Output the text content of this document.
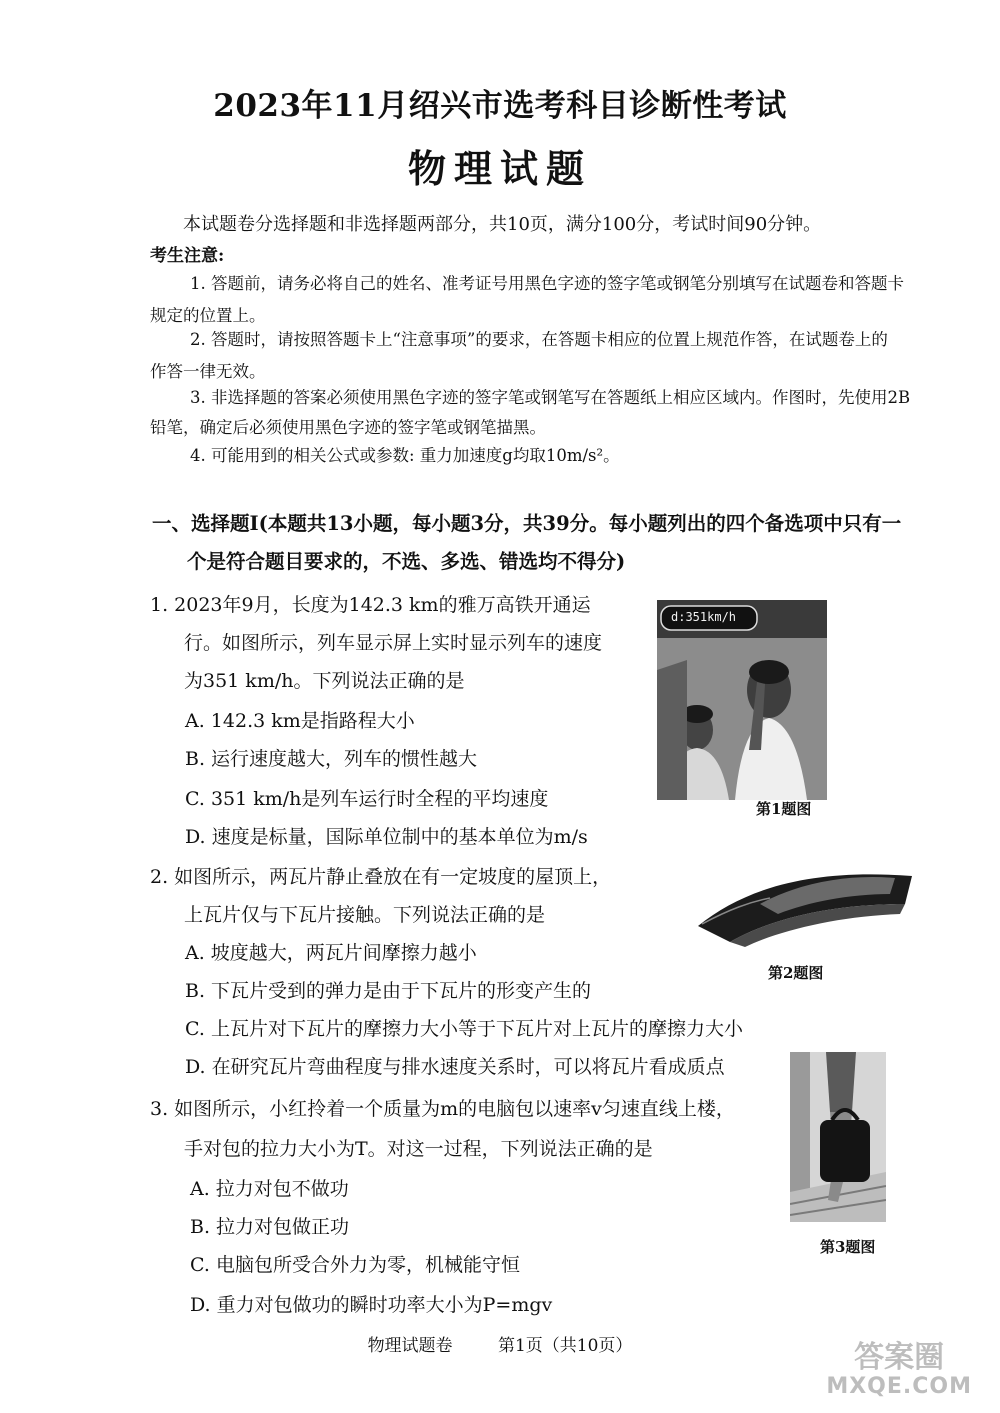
2023年11月绍兴市选考科目诊断性考试
物理试题
本试题卷分选择题和非选择题两部分，共10页，满分100分，考试时间90分钟。
考生注意:
1. 答题前，请务必将自己的姓名、准考证号用黑色字迹的签字笔或钢笔分别填写在试题卷和答题卡
规定的位置上。
2. 答题时，请按照答题卡上“注意事项”的要求，在答题卡相应的位置上规范作答，在试题卷上的
作答一律无效。
3. 非选择题的答案必须使用黑色字迹的签字笔或钢笔写在答题纸上相应区域内。作图时，先使用2B
铅笔，确定后必须使用黑色字迹的签字笔或钢笔描黑。
4. 可能用到的相关公式或参数: 重力加速度g均取10m/s²。
一、选择题Ⅰ(本题共13小题，每小题3分，共39分。每小题列出的四个备选项中只有一
个是符合题目要求的，不选、多选、错选均不得分)
1. 2023年9月，长度为142.3 km的雅万高铁开通运
行。如图所示，列车显示屏上实时显示列车的速度
为351 km/h。下列说法正确的是
A. 142.3 km是指路程大小
B. 运行速度越大，列车的惯性越大
C. 351 km/h是列车运行时全程的平均速度
D. 速度是标量，国际单位制中的基本单位为m/s
d:351km/h
第1题图
2. 如图所示，两瓦片静止叠放在有一定坡度的屋顶上，
上瓦片仅与下瓦片接触。下列说法正确的是
A. 坡度越大，两瓦片间摩擦力越小
B. 下瓦片受到的弹力是由于下瓦片的形变产生的
C. 上瓦片对下瓦片的摩擦力大小等于下瓦片对上瓦片的摩擦力大小
D. 在研究瓦片弯曲程度与排水速度关系时，可以将瓦片看成质点
第2题图
3. 如图所示，小红拎着一个质量为m的电脑包以速率v匀速直线上楼，
手对包的拉力大小为T。对这一过程，下列说法正确的是
A. 拉力对包不做功
B. 拉力对包做正功
C. 电脑包所受合外力为零，机械能守恒
D. 重力对包做功的瞬时功率大小为P=mgv
第3题图
物理试题卷	第1页（共10页）	答案圈
MXQE.COM
